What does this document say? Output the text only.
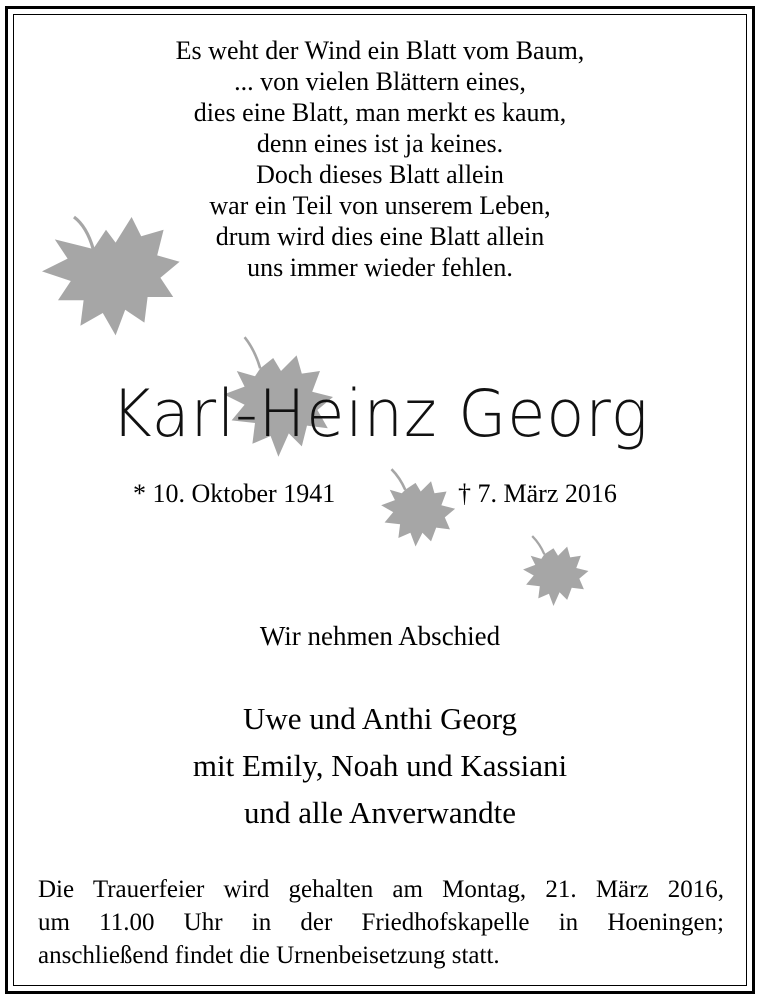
Es weht der Wind ein Blatt vom Baum,
... von vielen Blättern eines,
dies eine Blatt, man merkt es kaum,
denn eines ist ja keines.
Doch dieses Blatt allein
war ein Teil von unserem Leben,
drum wird dies eine Blatt allein
uns immer wieder fehlen.
Karl-Heinz Georg
* 10. Oktober 1941	† 7. März 2016
Wir nehmen Abschied
Uwe und Anthi Georg
mit Emily, Noah und Kassiani
und alle Anverwandte
Die Trauerfeier wird gehalten am Montag, 21. März 2016,
um 11.00 Uhr in der Friedhofskapelle in Hoeningen;
anschließend findet die Urnenbeisetzung statt.
